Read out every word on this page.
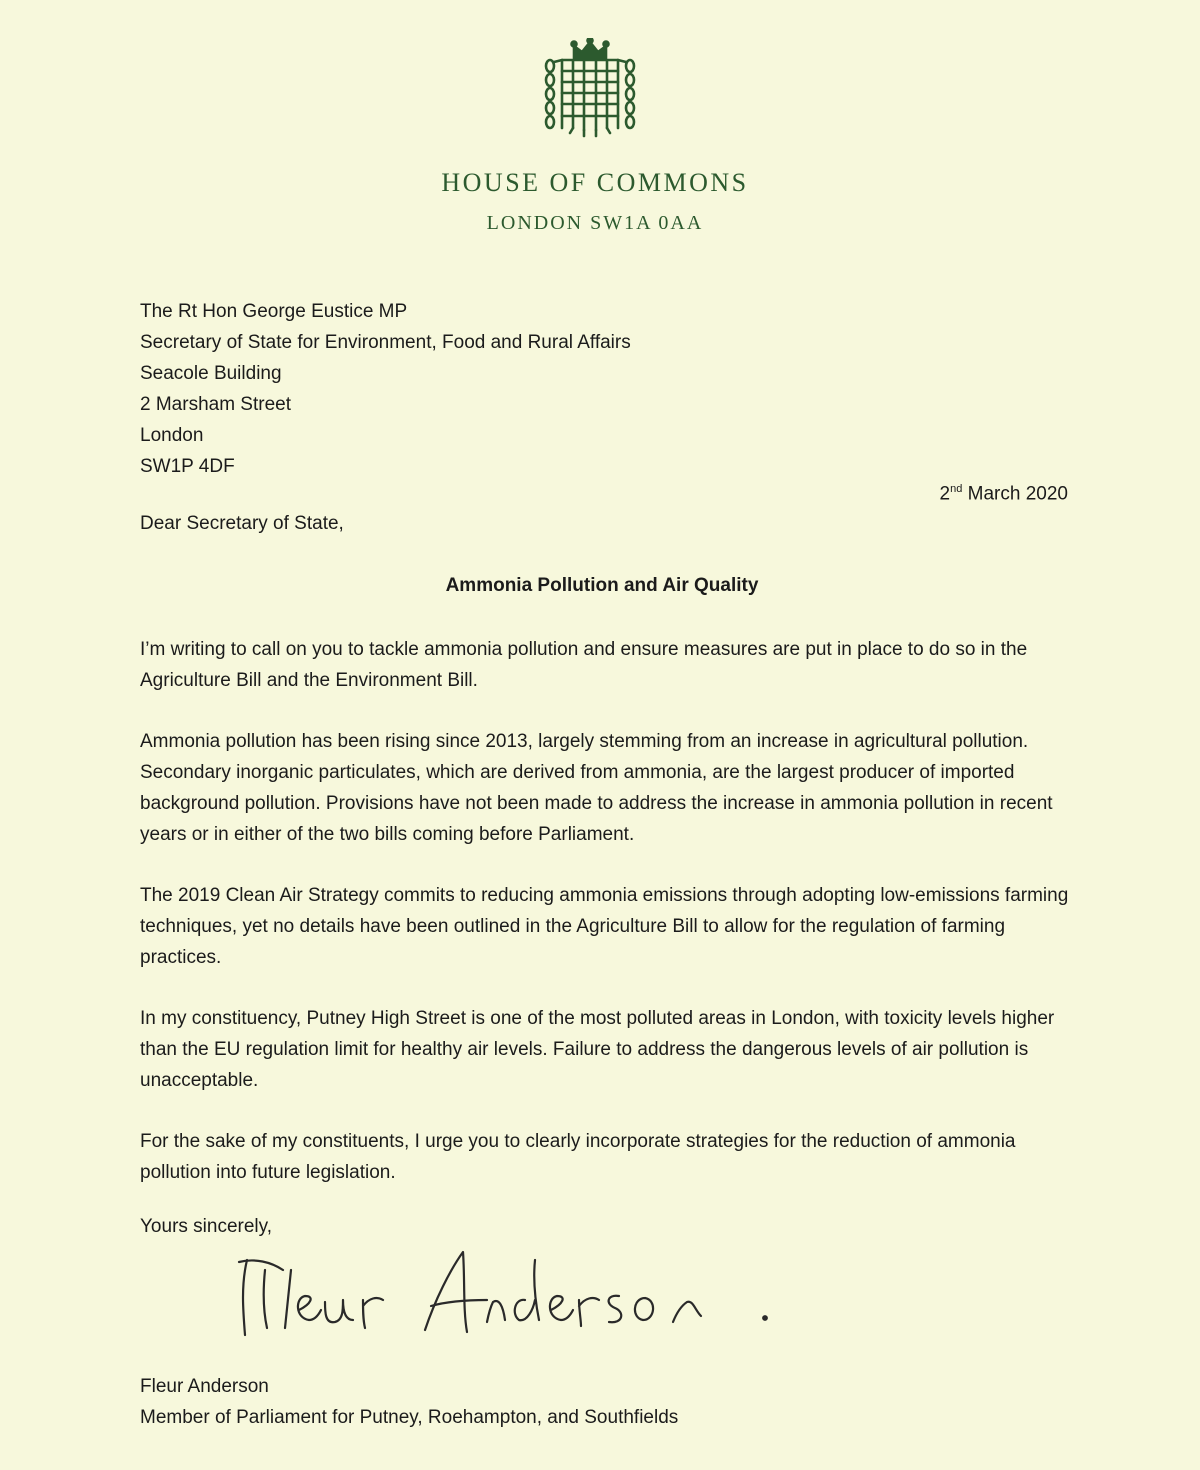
HOUSE OF COMMONS
LONDON SW1A 0AA
The Rt Hon George Eustice MP
Secretary of State for Environment, Food and Rural Affairs
Seacole Building
2 Marsham Street
London
SW1P 4DF
2nd March 2020
Dear Secretary of State,
Ammonia Pollution and Air Quality

I’m writing to call on you to tackle ammonia pollution and ensure measures are put in place to do so in the Agriculture Bill and the Environment Bill.

Ammonia pollution has been rising since 2013, largely stemming from an increase in agricultural pollution. Secondary inorganic particulates, which are derived from ammonia, are the largest producer of imported background pollution. Provisions have not been made to address the increase in ammonia pollution in recent years or in either of the two bills coming before Parliament.

The 2019 Clean Air Strategy commits to reducing ammonia emissions through adopting low-emissions farming techniques, yet no details have been outlined in the Agriculture Bill to allow for the regulation of farming practices.

In my constituency, Putney High Street is one of the most polluted areas in London, with toxicity levels higher than the EU regulation limit for healthy air levels. Failure to address the dangerous levels of air pollution is unacceptable.

For the sake of my constituents, I urge you to clearly incorporate strategies for the reduction of ammonia pollution into future legislation.

Yours sincerely,
Fleur Anderson
Member of Parliament for Putney, Roehampton, and Southfields
